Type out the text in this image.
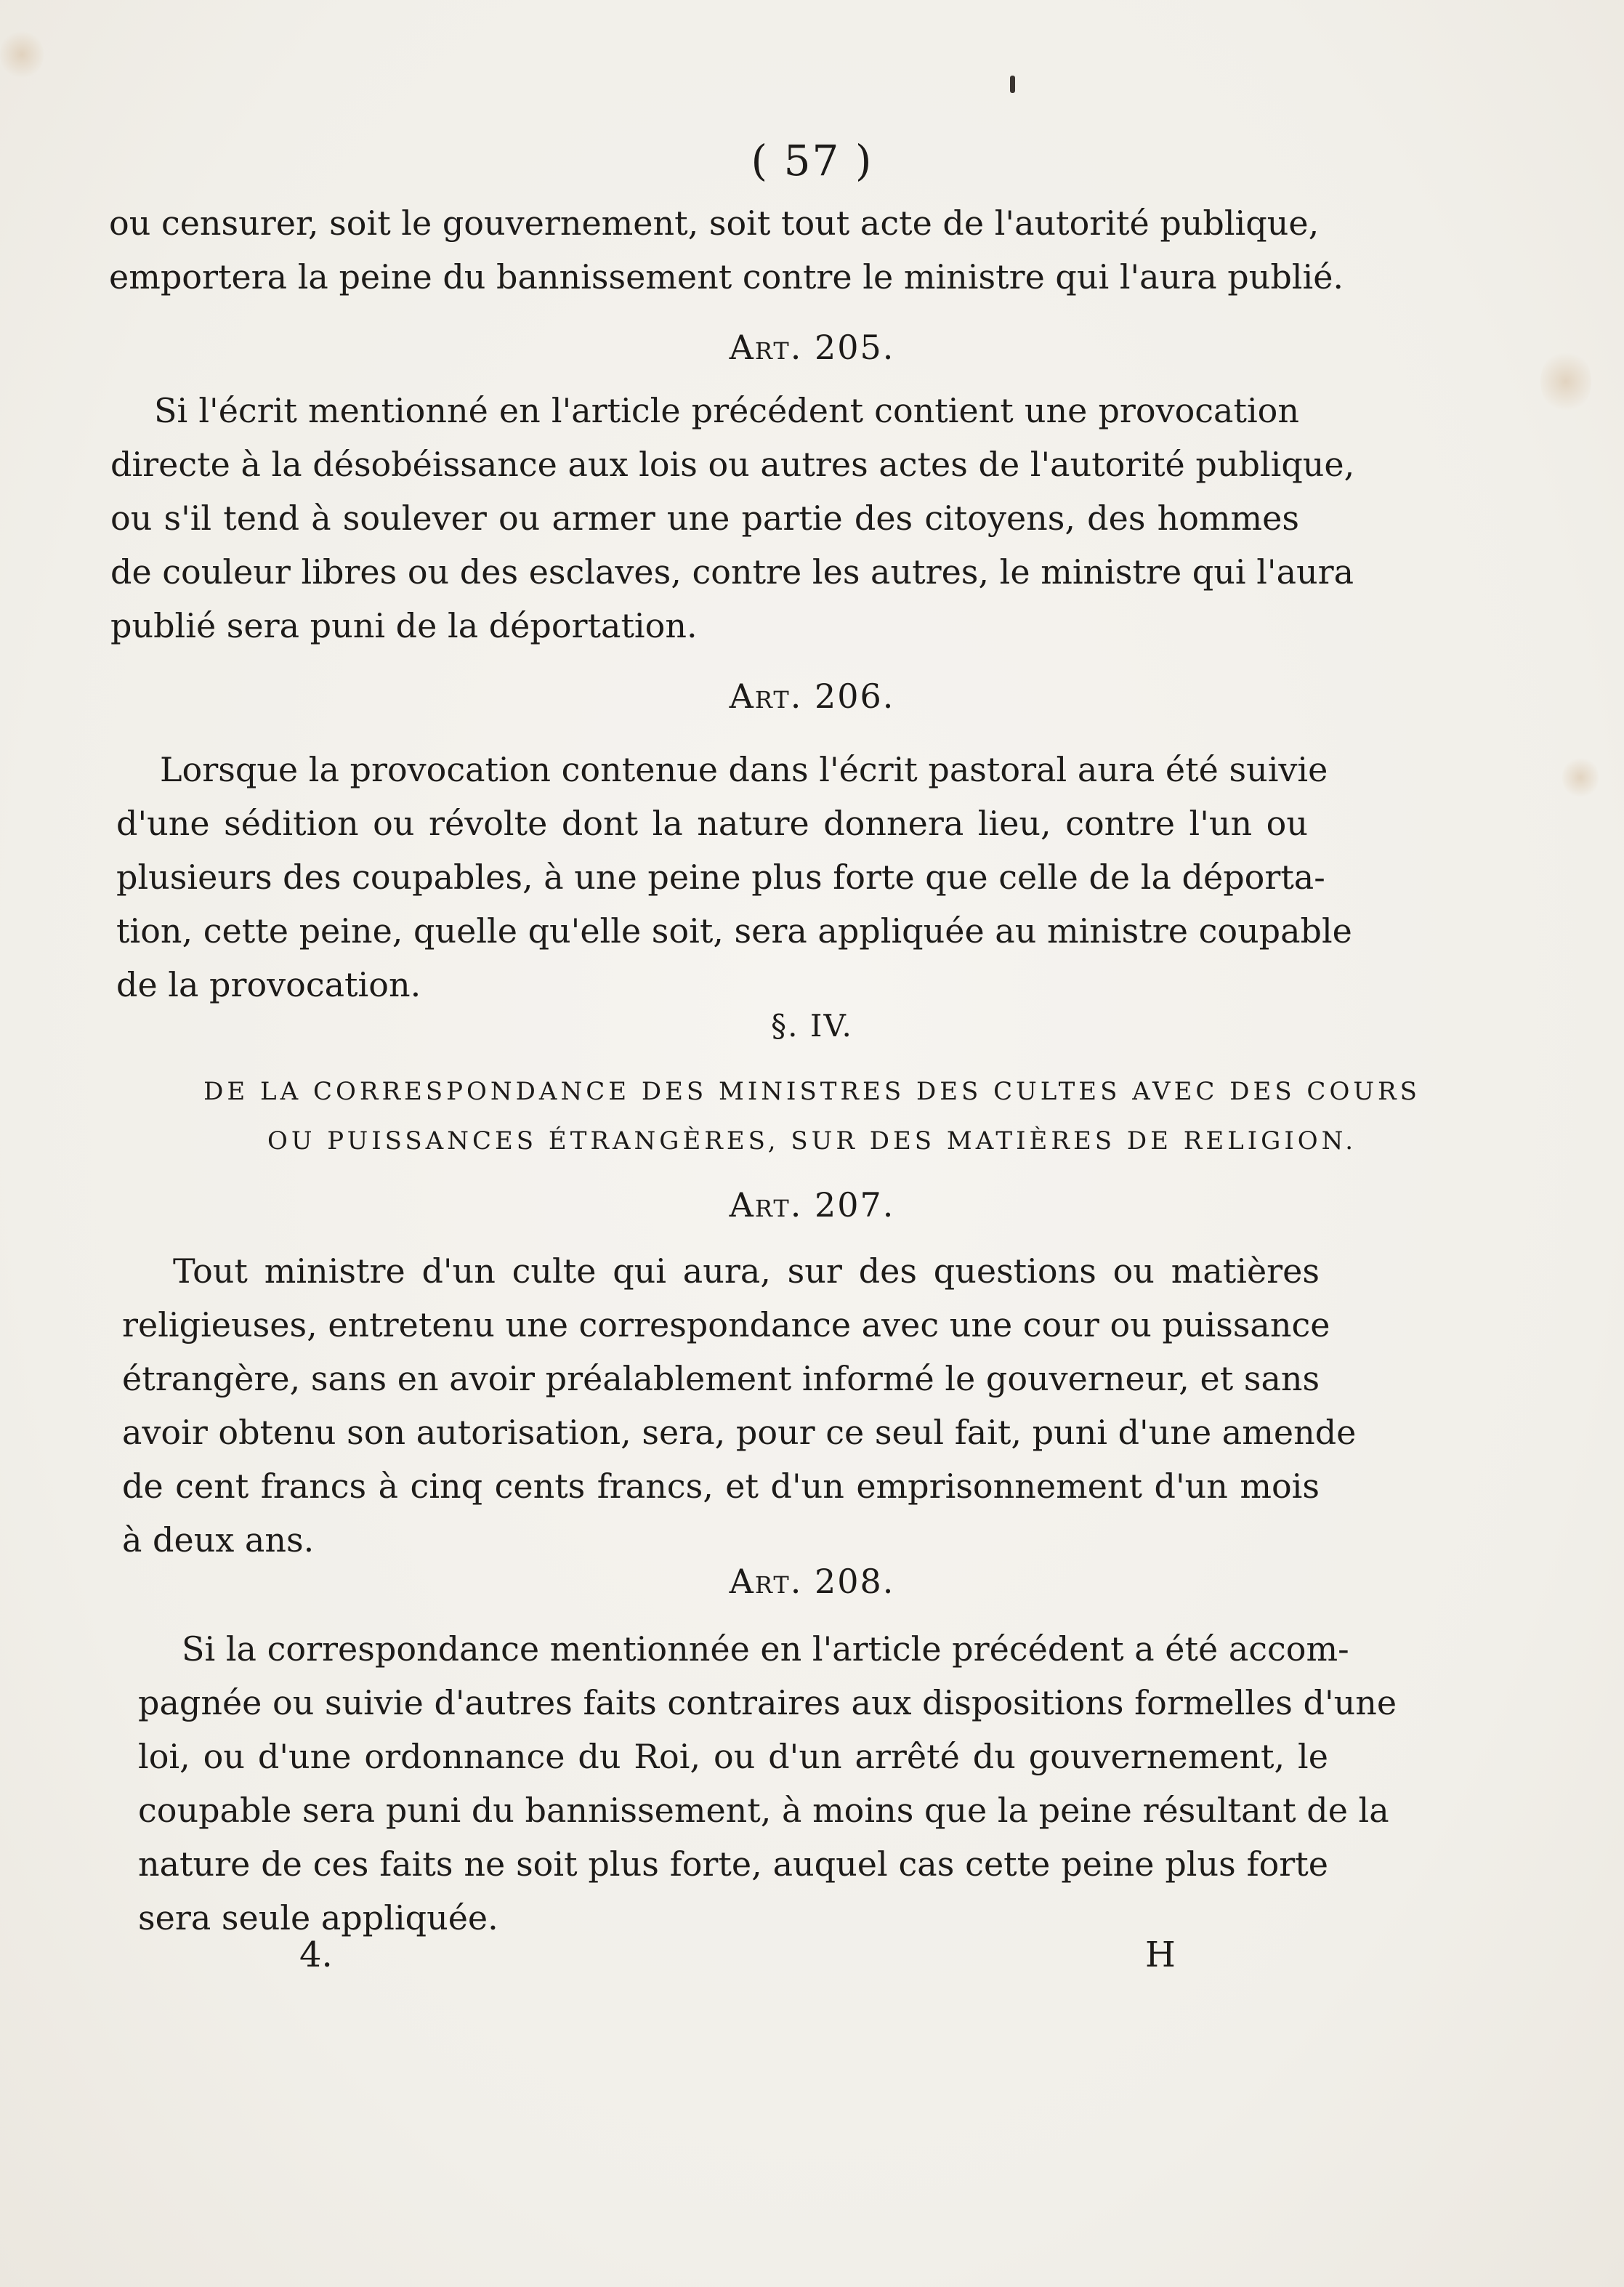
( 57 )
ou censurer, soit le gouvernement, soit tout acte de l'autorité publique,
emportera la peine du bannissement contre le ministre qui l'aura publié.
Art. 205.
Si l'écrit mentionné en l'article précédent contient une provocation
directe à la désobéissance aux lois ou autres actes de l'autorité publique,
ou s'il tend à soulever ou armer une partie des citoyens, des hommes
de couleur libres ou des esclaves, contre les autres, le ministre qui l'aura
publié sera puni de la déportation.
Art. 206.
Lorsque la provocation contenue dans l'écrit pastoral aura été suivie
d'une sédition ou révolte dont la nature donnera lieu, contre l'un ou
plusieurs des coupables, à une peine plus forte que celle de la déporta-
tion, cette peine, quelle qu'elle soit, sera appliquée au ministre coupable
de la provocation.
§. IV.
DE LA CORRESPONDANCE DES MINISTRES DES CULTES AVEC DES COURS
OU PUISSANCES ÉTRANGÈRES, SUR DES MATIÈRES DE RELIGION.
Art. 207.
Tout ministre d'un culte qui aura, sur des questions ou matières
religieuses, entretenu une correspondance avec une cour ou puissance
étrangère, sans en avoir préalablement informé le gouverneur, et sans
avoir obtenu son autorisation, sera, pour ce seul fait, puni d'une amende
de cent francs à cinq cents francs, et d'un emprisonnement d'un mois
à deux ans.
Art. 208.
Si la correspondance mentionnée en l'article précédent a été accom-
pagnée ou suivie d'autres faits contraires aux dispositions formelles d'une
loi, ou d'une ordonnance du Roi, ou d'un arrêté du gouvernement, le
coupable sera puni du bannissement, à moins que la peine résultant de la
nature de ces faits ne soit plus forte, auquel cas cette peine plus forte
sera seule appliquée.
4.	H
